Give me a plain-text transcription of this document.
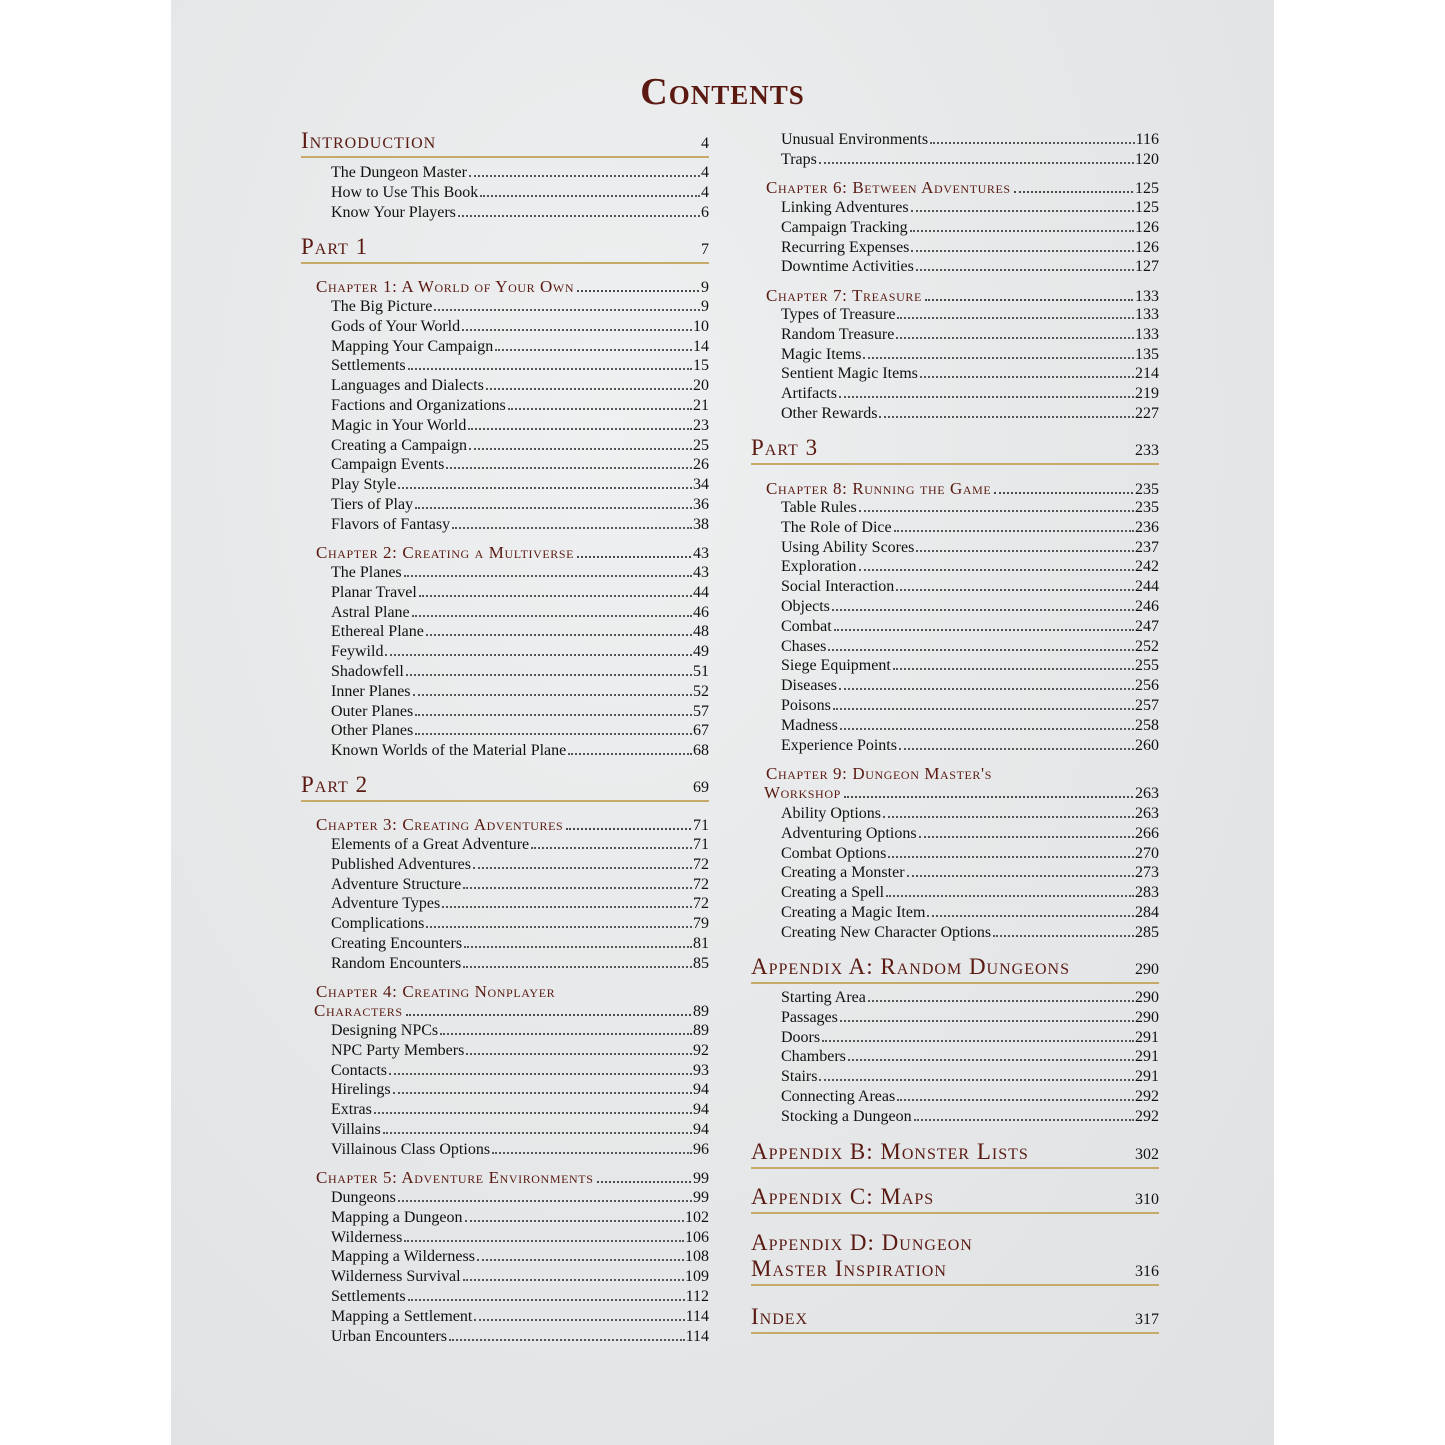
Contents
Introduction	4
The Dungeon Master	4
How to Use This Book	4
Know Your Players	6
Part 1	7
Chapter 1: A World of Your Own	9
The Big Picture	9
Gods of Your World	10
Mapping Your Campaign	14
Settlements	15
Languages and Dialects	20
Factions and Organizations	21
Magic in Your World	23
Creating a Campaign	25
Campaign Events	26
Play Style	34
Tiers of Play	36
Flavors of Fantasy	38
Chapter 2: Creating a Multiverse	43
The Planes	43
Planar Travel	44
Astral Plane	46
Ethereal Plane	48
Feywild	49
Shadowfell	51
Inner Planes	52
Outer Planes	57
Other Planes	67
Known Worlds of the Material Plane	68
Part 2	69
Chapter 3: Creating Adventures	71
Elements of a Great Adventure	71
Published Adventures	72
Adventure Structure	72
Adventure Types	72
Complications	79
Creating Encounters	81
Random Encounters	85
Chapter 4: Creating Nonplayer
Characters	89
Designing NPCs	89
NPC Party Members	92
Contacts	93
Hirelings	94
Extras	94
Villains	94
Villainous Class Options	96
Chapter 5: Adventure Environments	99
Dungeons	99
Mapping a Dungeon	102
Wilderness	106
Mapping a Wilderness	108
Wilderness Survival	109
Settlements	112
Mapping a Settlement	114
Urban Encounters	114
Unusual Environments	116
Traps	120
Chapter 6: Between Adventures	125
Linking Adventures	125
Campaign Tracking	126
Recurring Expenses	126
Downtime Activities	127
Chapter 7: Treasure	133
Types of Treasure	133
Random Treasure	133
Magic Items	135
Sentient Magic Items	214
Artifacts	219
Other Rewards	227
Part 3	233
Chapter 8: Running the Game	235
Table Rules	235
The Role of Dice	236
Using Ability Scores	237
Exploration	242
Social Interaction	244
Objects	246
Combat	247
Chases	252
Siege Equipment	255
Diseases	256
Poisons	257
Madness	258
Experience Points	260
Chapter 9: Dungeon Master's
Workshop	263
Ability Options	263
Adventuring Options	266
Combat Options	270
Creating a Monster	273
Creating a Spell	283
Creating a Magic Item	284
Creating New Character Options	285
Appendix A: Random Dungeons	290
Starting Area	290
Passages	290
Doors	291
Chambers	291
Stairs	291
Connecting Areas	292
Stocking a Dungeon	292
Appendix B: Monster Lists	302
Appendix C: Maps	310
Appendix D: Dungeon
Master Inspiration	316
Index	317
